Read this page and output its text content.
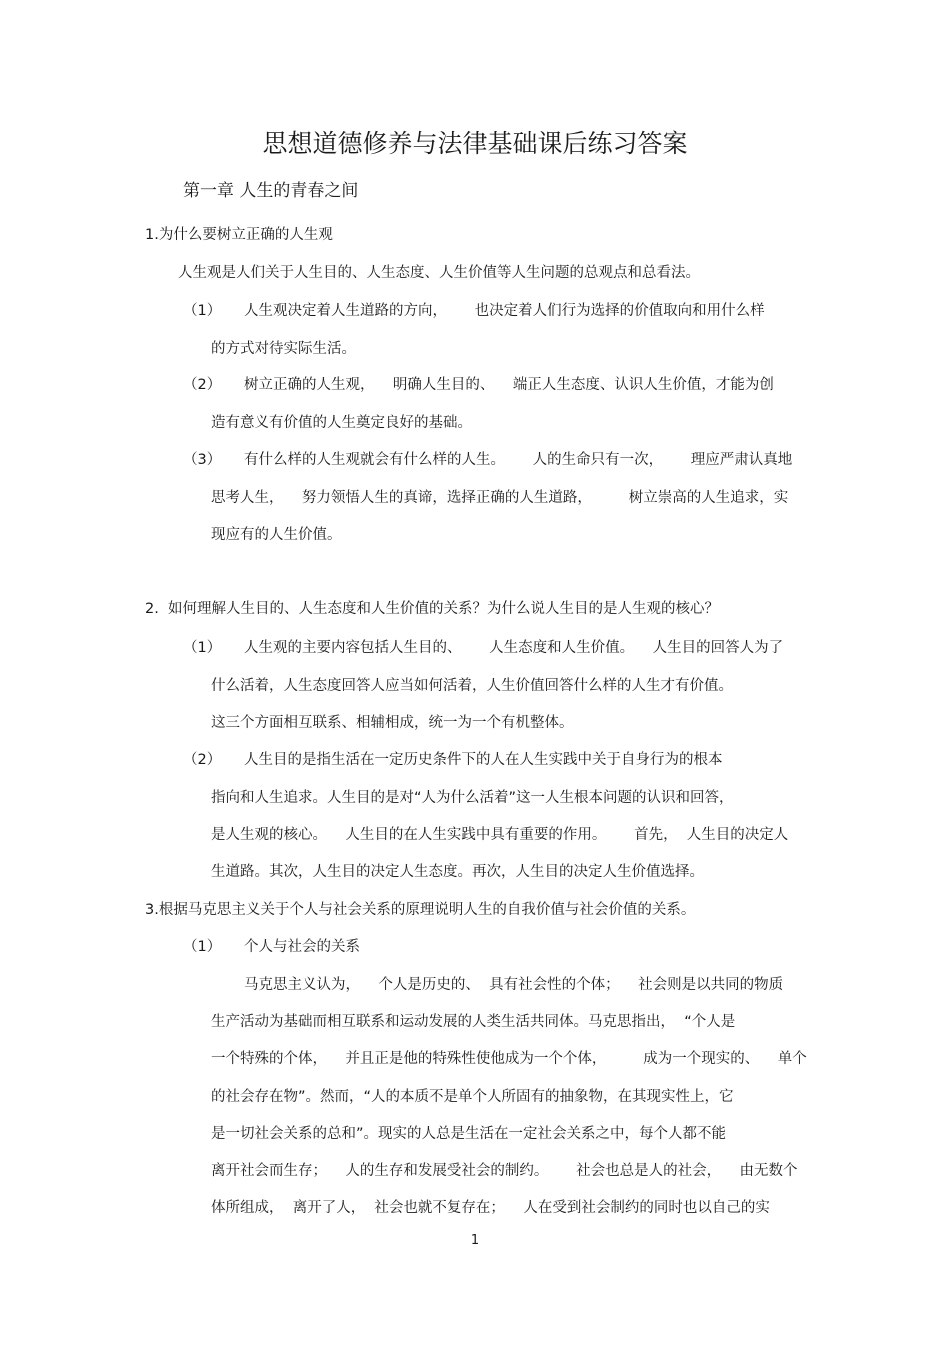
思想道德修养与法律基础课后练习答案
第一章 人生的青春之间
1.为什么要树立正确的人生观
人生观是人们关于人生目的、人生态度、人生价值等人生问题的总观点和总看法。
（1） 人生观决定着人生道路的方向，      也决定着人们行为选择的价值取向和用什么样
的方式对待实际生活。
（2） 树立正确的人生观，    明确人生目的、    端正人生态度、认识人生价值，才能为创
造有意义有价值的人生奠定良好的基础。
（3） 有什么样的人生观就会有什么样的人生。      人的生命只有一次，      理应严肃认真地
思考人生，    努力领悟人生的真谛，选择正确的人生道路，        树立崇高的人生追求，实
现应有的人生价值。
2.  如何理解人生目的、人生态度和人生价值的关系？为什么说人生目的是人生观的核心？
（1） 人生观的主要内容包括人生目的、      人生态度和人生价值。    人生目的回答人为了
什么活着，人生态度回答人应当如何活着，人生价值回答什么样的人生才有价值。
这三个方面相互联系、相辅相成，统一为一个有机整体。
（2） 人生目的是指生活在一定历史条件下的人在人生实践中关于自身行为的根本
指向和人生追求。人生目的是对“人为什么活着”这一人生根本问题的认识和回答，
是人生观的核心。    人生目的在人生实践中具有重要的作用。      首先，  人生目的决定人
生道路。其次，人生目的决定人生态度。再次，人生目的决定人生价值选择。
3.根据马克思主义关于个人与社会关系的原理说明人生的自我价值与社会价值的关系。
（1） 个人与社会的关系
马克思主义认为，    个人是历史的、  具有社会性的个体；    社会则是以共同的物质
生产活动为基础而相互联系和运动发展的人类生活共同体。马克思指出，  “个人是
一个特殊的个体，    并且正是他的特殊性使他成为一个个体，        成为一个现实的、    单个
的社会存在物”。然而，“人的本质不是单个人所固有的抽象物，在其现实性上，它
是一切社会关系的总和”。现实的人总是生活在一定社会关系之中，每个人都不能
离开社会而生存；    人的生存和发展受社会的制约。      社会也总是人的社会，    由无数个
体所组成，  离开了人，  社会也就不复存在；    人在受到社会制约的同时也以自己的实
1
